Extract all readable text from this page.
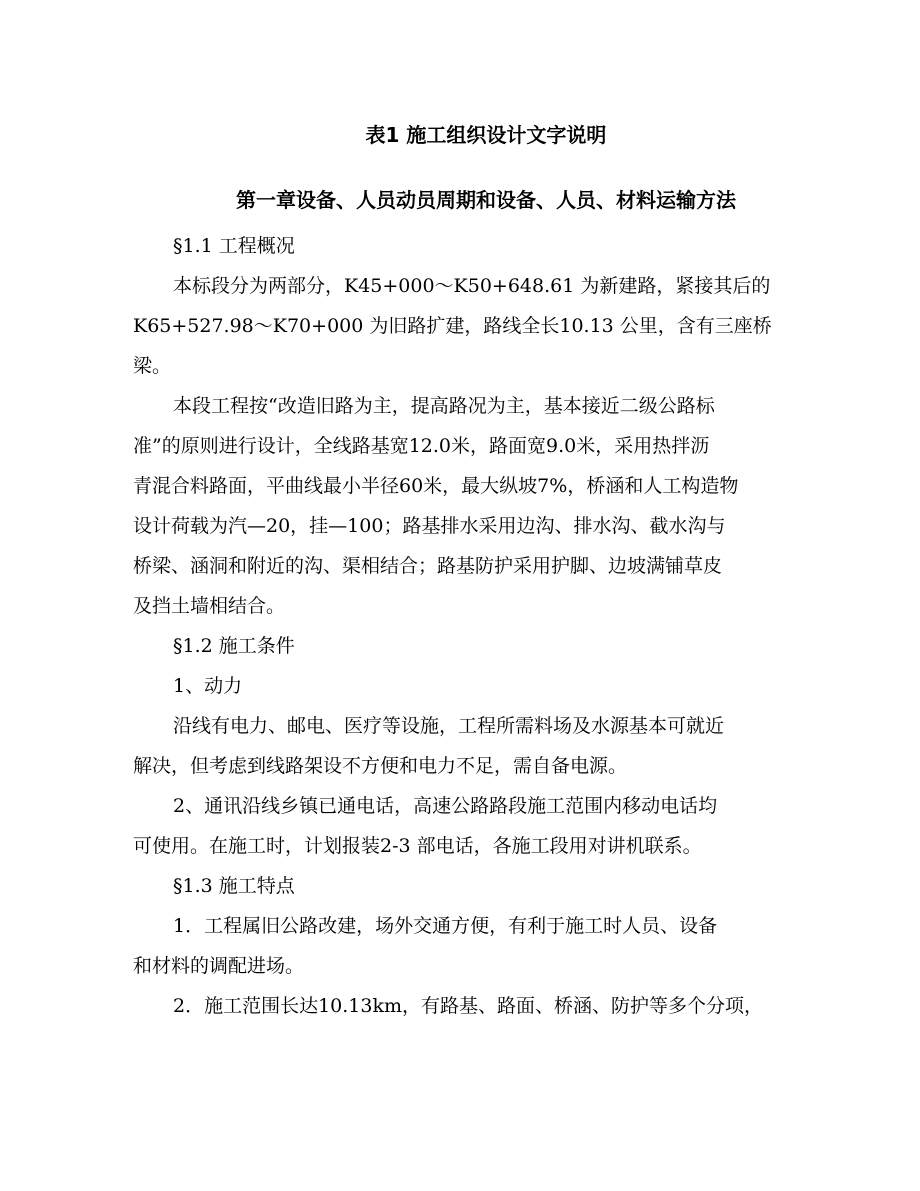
表1 施工组织设计文字说明
第一章设备、人员动员周期和设备、人员、材料运输方法
§1.1 工程概况
本标段分为两部分，K45+000～K50+648.61 为新建路，紧接其后的
K65+527.98～K70+000 为旧路扩建，路线全长10.13 公里，含有三座桥
梁。
本段工程按“改造旧路为主，提高路况为主，基本接近二级公路标
准”的原则进行设计，全线路基宽12.0米，路面宽9.0米，采用热拌沥
青混合料路面，平曲线最小半径60米，最大纵坡7%，桥涵和人工构造物
设计荷载为汽—20，挂—100；路基排水采用边沟、排水沟、截水沟与
桥梁、涵洞和附近的沟、渠相结合；路基防护采用护脚、边坡满铺草皮
及挡土墙相结合。
§1.2 施工条件
1、动力
沿线有电力、邮电、医疗等设施，工程所需料场及水源基本可就近
解决，但考虑到线路架设不方便和电力不足，需自备电源。
2、通讯沿线乡镇已通电话，高速公路路段施工范围内移动电话均
可使用。在施工时，计划报装2-3 部电话，各施工段用对讲机联系。
§1.3 施工特点
1．工程属旧公路改建，场外交通方便，有利于施工时人员、设备
和材料的调配进场。
2．施工范围长达10.13km，有路基、路面、桥涵、防护等多个分项，
